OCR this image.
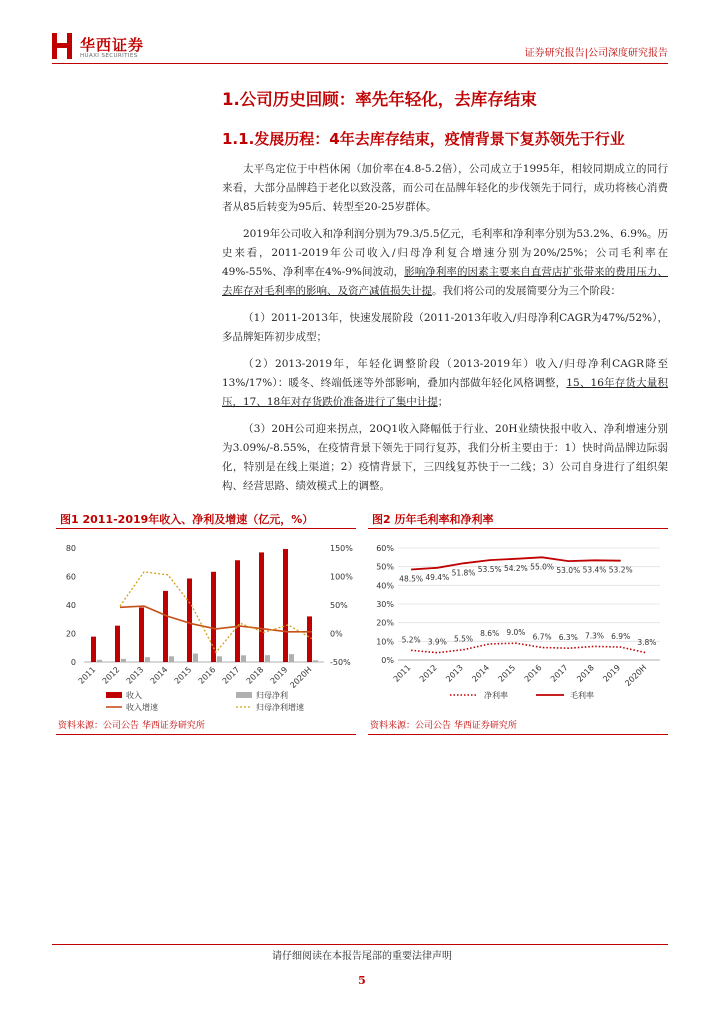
华西证券
HUAXI SECURITIES	证券研究报告|公司深度研究报告
1.公司历史回顾：率先年轻化，去库存结束
1.1.发展历程：4年去库存结束，疫情背景下复苏领先于行业

太平鸟定位于中档休闲（加价率在4.8-5.2倍），公司成立于1995年，相较同期成立的同行来看，大部分品牌趋于老化以致没落，而公司在品牌年轻化的步伐领先于同行，成功将核心消费者从85后转变为95后、转型至20-25岁群体。

2019年公司收入和净利润分别为79.3/5.5亿元，毛利率和净利率分别为53.2%、6.9%。历史来看，2011-2019年公司收入/归母净利复合增速分别为20%/25%；公司毛利率在49%-55%、净利率在4%-9%间波动，影响净利率的因素主要来自直营店扩张带来的费用压力、去库存对毛利率的影响、及资产减值损失计提。我们将公司的发展简要分为三个阶段：

（1）2011-2013年，快速发展阶段（2011-2013年收入/归母净利CAGR为47%/52%），多品牌矩阵初步成型；

（2）2013-2019年，年轻化调整阶段（2013-2019年）收入/归母净利CAGR降至13%/17%）：暖冬、终端低迷等外部影响，叠加内部做年轻化风格调整，15、16年存货大量积压，17、18年对存货跌价准备进行了集中计提；

（3）20H公司迎来拐点，20Q1收入降幅低于行业、20H业绩快报中收入、净利增速分别为3.09%/-8.55%，在疫情背景下领先于同行复苏，我们分析主要由于：1）快时尚品牌边际弱化，特别是在线上渠道；2）疫情背景下，三四线复苏快于一二线；3）公司自身进行了组织架构、经营思路、绩效模式上的调整。

图1 2011-2019年收入、净利及增速（亿元，%）
0
20
40
60
80
-50%
0%
50%
100%
150%
2011 2012 2013 2014 2015 2016 2017 2018 2019
2020H
收入	归母净利
收入增速	归母净利增速
资料来源：公司公告 华西证券研究所
图2 历年毛利率和净利率
0%
10%
20%
30%
40%
50%
60%
48.5% 49.4% 51.8% 53.5% 54.2% 55.0% 53.0% 53.4% 53.2%
5.2% 3.9% 5.5%
8.6% 9.0% 6.7% 6.3% 7.3% 6.9%
3.8%
2011 2012 2013 2014 2015 2016 2017 2018 2019 2020H
净利率	毛利率
资料来源：公司公告 华西证券研究所
请仔细阅读在本报告尾部的重要法律声明
5
